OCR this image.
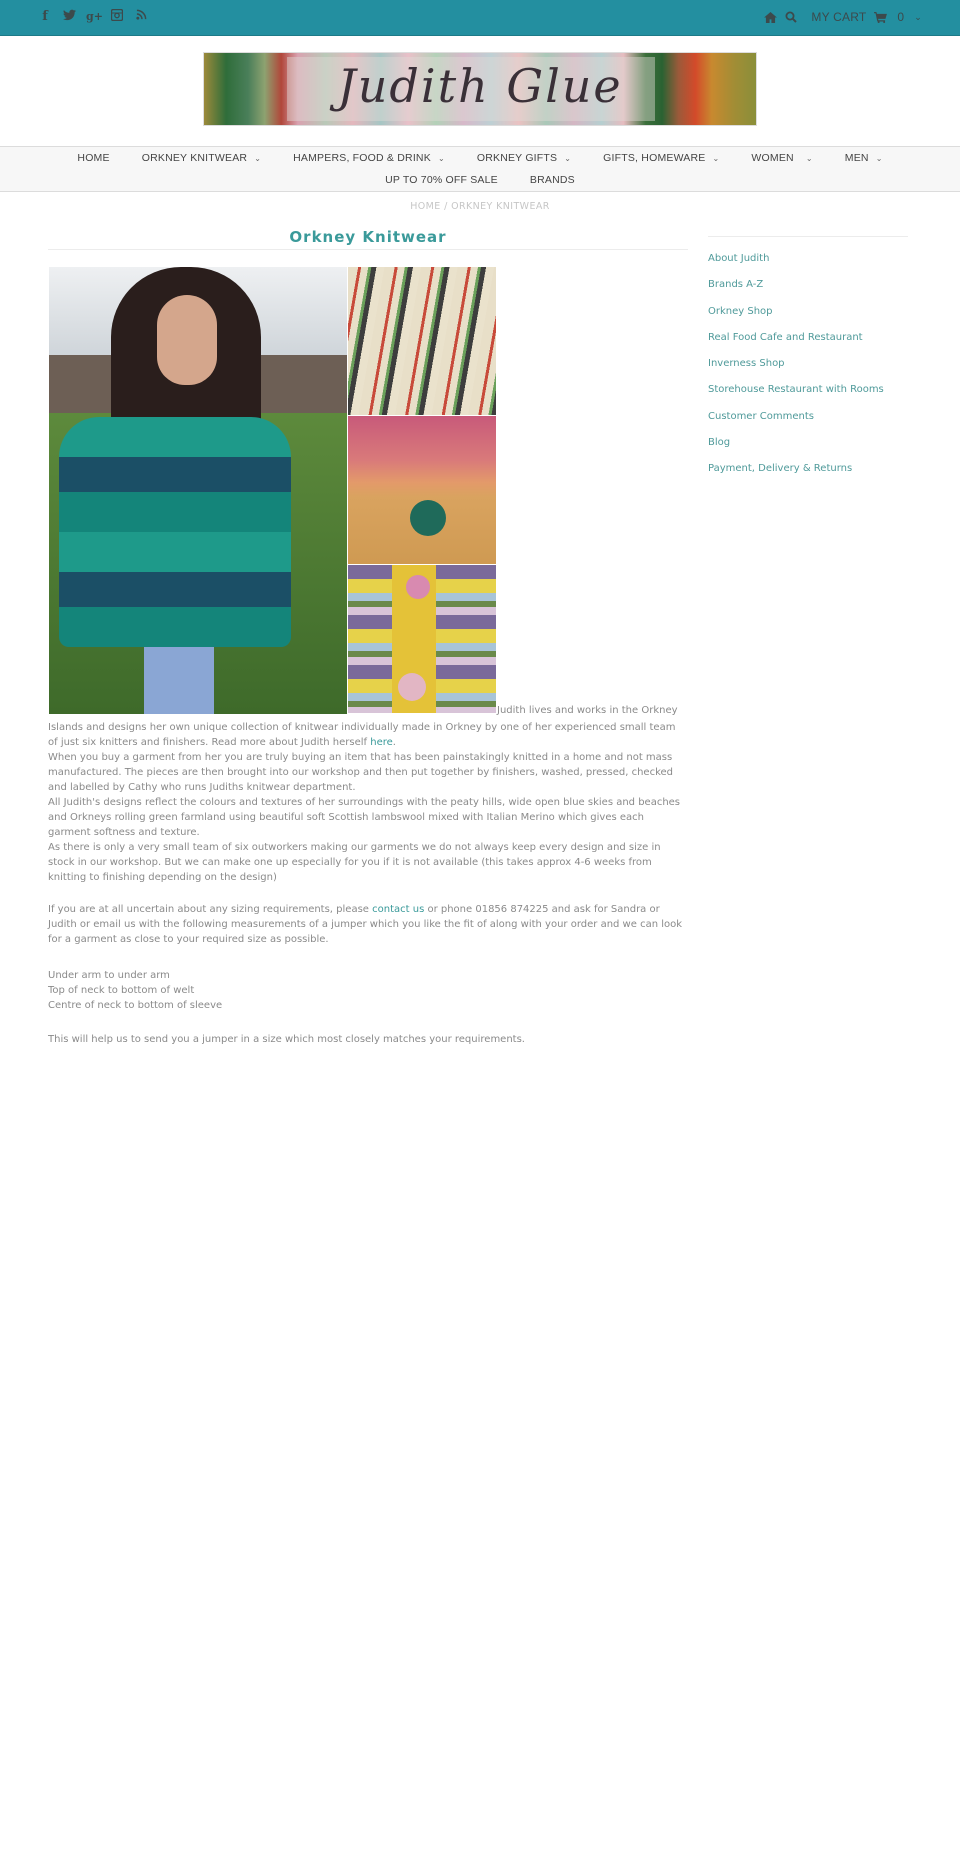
f	g+	MY CART	0 ⌄
Judith Glue
HOME	ORKNEY KNITWEAR ⌄	HAMPERS, FOOD & DRINK ⌄	ORKNEY GIFTS ⌄	GIFTS, HOMEWARE ⌄	WOMEN ⌄	MEN ⌄
UP TO 70% OFF SALE	BRANDS
HOME / ORKNEY KNITWEAR
Orkney Knitwear
Judith lives and works in the Orkney
Islands and designs her own unique collection of knitwear individually made in Orkney by one of her experienced small team of just six knitters and finishers. Read more about Judith herself here.
When you buy a garment from her you are truly buying an item that has been painstakingly knitted in a home and not mass manufactured. The pieces are then brought into our workshop and then put together by finishers, washed, pressed, checked and labelled by Cathy who runs Judiths knitwear department.
All Judith's designs reflect the colours and textures of her surroundings with the peaty hills, wide open blue skies and beaches and Orkneys rolling green farmland using beautiful soft Scottish lambswool mixed with Italian Merino which gives each garment softness and texture.
As there is only a very small team of six outworkers making our garments we do not always keep every design and size in stock in our workshop. But we can make one up especially for you if it is not available (this takes approx 4-6 weeks from knitting to finishing depending on the design)
If you are at all uncertain about any sizing requirements, please contact us or phone 01856 874225 and ask for Sandra or Judith or email us with the following measurements of a jumper which you like the fit of along with your order and we can look for a garment as close to your required size as possible.
Under arm to under arm
Top of neck to bottom of welt
Centre of neck to bottom of sleeve
This will help us to send you a jumper in a size which most closely matches your requirements.
About Judith
Brands A-Z
Orkney Shop
Real Food Cafe and Restaurant
Inverness Shop
Storehouse Restaurant with Rooms
Customer Comments
Blog
Payment, Delivery & Returns
